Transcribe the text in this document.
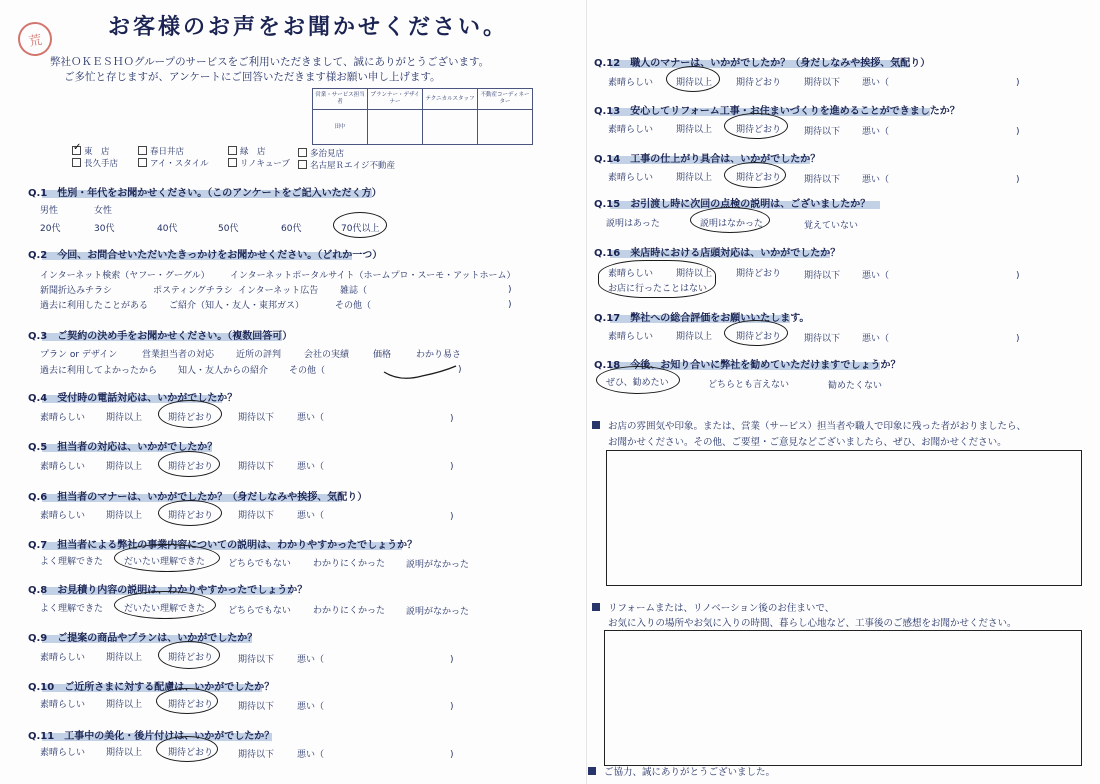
荒
お客様のお声をお聞かせください。
弊社ＯＫＥＳＨＯグループのサービスをご利用いただきまして、誠にありがとうございます。
ご多忙と存じますが、アンケートにご回答いただきます様お願い申し上げます。
営業・サービス担当者	プランナー・デザイナー	テクニカルスタッフ	不動産コーディネーター
田中			
✓東　店	春日井店	緑　店	多治見店
長久手店	アイ・スタイル	リノキューブ	名古屋Ｒエイジ不動産
Q.1 性別・年代をお聞かせください。（このアンケートをご記入いただく方）
男性	女性
20代	30代	40代	50代	60代	70代以上
Q.2 今回、お問合せいただいたきっかけをお聞かせください。（どれか一つ）
インターネット検索（ヤフー・グーグル） インターネットポータルサイト（ホームプロ・スーモ・アットホーム）
新聞折込みチラシ	ポスティングチラシ インターネット広告 雑誌（	)
過去に利用したことがある ご紹介（知人・友人・東邦ガス）	その他（	)
Q.3 ご契約の決め手をお聞かせください。（複数回答可）
プラン or デザイン	営業担当者の対応 近所の評判	会社の実績	価格	わかり易さ
過去に利用してよかったから 知人・友人からの紹介 その他（	)
Q.4 受付時の電話対応は、いかがでしたか？
素晴らしい 期待以上	期待どおり	期待以下	悪い（	)
Q.5 担当者の対応は、いかがでしたか？
素晴らしい 期待以上	期待どおり	期待以下	悪い（	)
Q.6 担当者のマナーは、いかがでしたか？（身だしなみや挨拶、気配り）
素晴らしい 期待以上	期待どおり	期待以下	悪い（	)
Q.7 担当者による弊社の事業内容についての説明は、わかりやすかったでしょうか？
よく理解できた だいたい理解できた	どちらでもない わかりにくかった 説明がなかった
Q.8 お見積り内容の説明は、わかりやすかったでしょうか？
よく理解できた だいたい理解できた	どちらでもない わかりにくかった 説明がなかった
Q.9 ご提案の商品やプランは、いかがでしたか？
素晴らしい 期待以上	期待どおり	期待以下	悪い（	)
Q.10 ご近所さまに対する配慮は、いかがでしたか？
素晴らしい 期待以上	期待どおり	期待以下	悪い（	)
Q.11 工事中の美化・後片付けは、いかがでしたか？
素晴らしい 期待以上	期待どおり	期待以下	悪い（	)
Q.12 職人のマナーは、いかがでしたか？（身だしなみや挨拶、気配り）
素晴らしい	期待以上	期待どおり	期待以下 悪い（	)
Q.13 安心してリフォーム工事・お住まいづくりを進めることができましたか？
素晴らしい	期待以上	期待どおり	期待以下 悪い（	)
Q.14 工事の仕上がり具合は、いかがでしたか？
素晴らしい	期待以上	期待どおり	期待以下 悪い（	)
Q.15 お引渡し時に次回の点検の説明は、ございましたか？
説明はあった	説明はなかった	覚えていない
Q.16 来店時における店頭対応は、いかがでしたか？
素晴らしい	期待以上	期待どおり	期待以下 悪い（	)
お店に行ったことはない
Q.17 弊社への総合評価をお願いいたします。
素晴らしい	期待以上	期待どおり	期待以下 悪い（	)
Q.18 今後、お知り合いに弊社を勧めていただけますでしょうか？
ぜひ、勧めたい	どちらとも言えない	勧めたくない
お店の雰囲気や印象。または、営業（サービス）担当者や職人で印象に残った者がおりましたら、
お聞かせください。その他、ご要望・ご意見などございましたら、ぜひ、お聞かせください。
リフォームまたは、リノベーション後のお住まいで、
お気に入りの場所やお気に入りの時間、暮らし心地など、工事後のご感想をお聞かせください。
ご協力、誠にありがとうございました。
